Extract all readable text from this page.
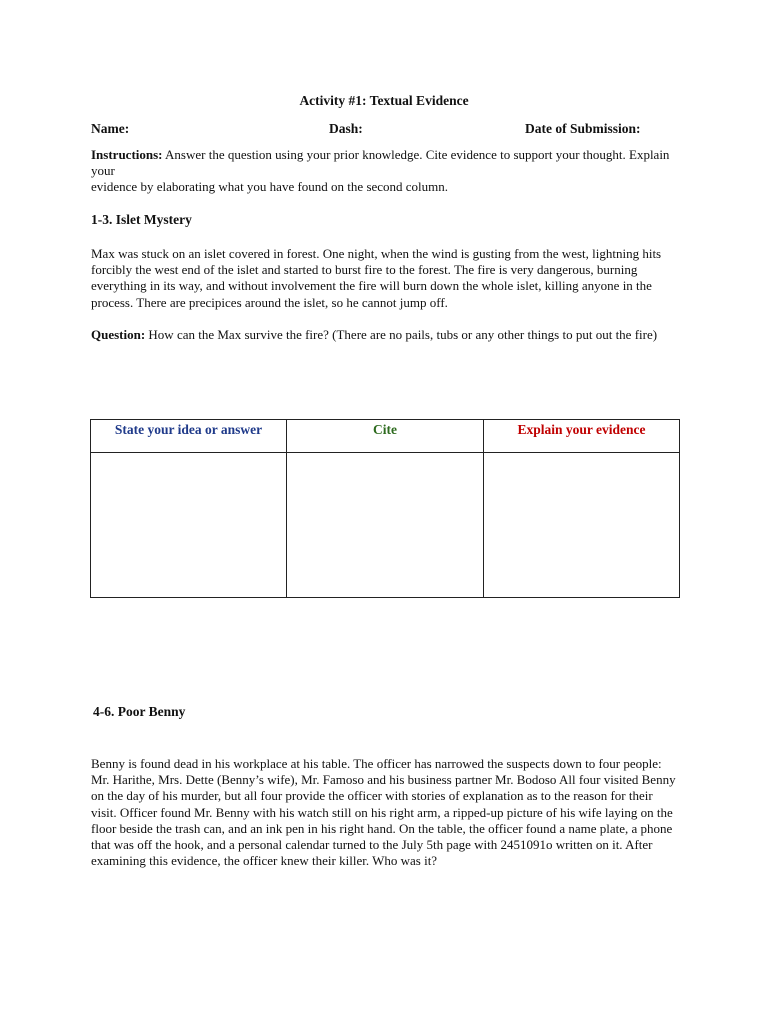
Activity #1: Textual Evidence

Name:	Dash:	Date of Submission:

Instructions: Answer the question using your prior knowledge. Cite evidence to support your thought. Explain your
evidence by elaborating what you have found on the second column.

1-3. Islet Mystery

Max was stuck on an islet covered in forest. One night, when the wind is gusting from the west, lightning hits forcibly the west end of the islet and started to burst fire to the forest. The fire is very dangerous, burning everything in its way, and without involvement the fire will burn down the whole islet, killing anyone in the process. There are precipices around the islet, so he cannot jump off.

Question: How can the Max survive the fire? (There are no pails, tubs or any other things to put out the fire)

State your idea or answer	Cite	Explain your evidence

4-6. Poor Benny

Benny is found dead in his workplace at his table. The officer has narrowed the suspects down to four people: Mr. Harithe, Mrs. Dette (Benny’s wife), Mr. Famoso and his business partner Mr. Bodoso All four visited Benny on the day of his murder, but all four provide the officer with stories of explanation as to the reason for their visit. Officer found Mr. Benny with his watch still on his right arm, a ripped-up picture of his wife laying on the floor beside the trash can, and an ink pen in his right hand. On the table, the officer found a name plate, a phone that was off the hook, and a personal calendar turned to the July 5th page with 2451091o written on it. After examining this evidence, the officer knew their killer. Who was it?
